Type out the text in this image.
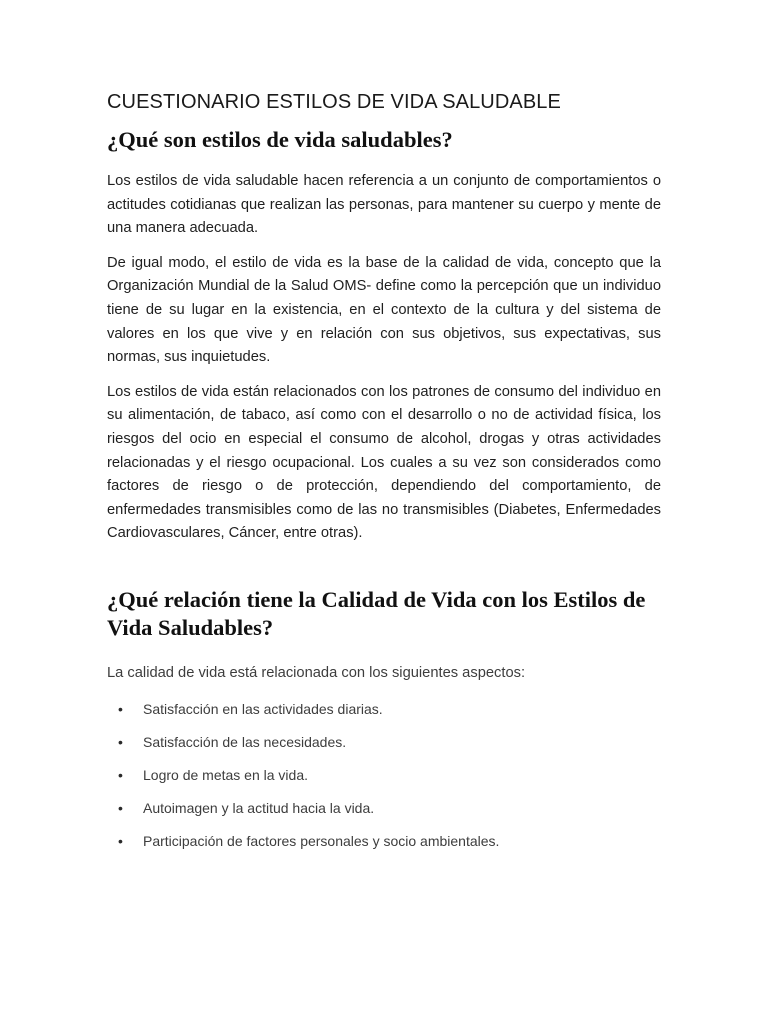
CUESTIONARIO ESTILOS DE VIDA SALUDABLE
¿Qué son estilos de vida saludables?

Los estilos de vida saludable hacen referencia a un conjunto de comportamientos o actitudes cotidianas que realizan las personas, para mantener su cuerpo y mente de una manera adecuada.

De igual modo, el estilo de vida es la base de la calidad de vida, concepto que la Organización Mundial de la Salud OMS- define como la percepción que un individuo tiene de su lugar en la existencia, en el contexto de la cultura y del sistema de valores en los que vive y en relación con sus objetivos, sus expectativas, sus normas, sus inquietudes.

Los estilos de vida están relacionados con los patrones de consumo del individuo en su alimentación, de tabaco, así como con el desarrollo o no de actividad física, los riesgos del ocio en especial el consumo de alcohol, drogas y otras actividades relacionadas y el riesgo ocupacional. Los cuales a su vez son considerados como factores de riesgo o de protección, dependiendo del comportamiento, de enfermedades transmisibles como de las no transmisibles (Diabetes, Enfermedades Cardiovasculares, Cáncer, entre otras).

¿Qué relación tiene la Calidad de Vida con los Estilos de Vida Saludables?

La calidad de vida está relacionada con los siguientes aspectos:

• Satisfacción en las actividades diarias.
• Satisfacción de las necesidades.
• Logro de metas en la vida.
• Autoimagen y la actitud hacia la vida.
• Participación de factores personales y socio ambientales.
